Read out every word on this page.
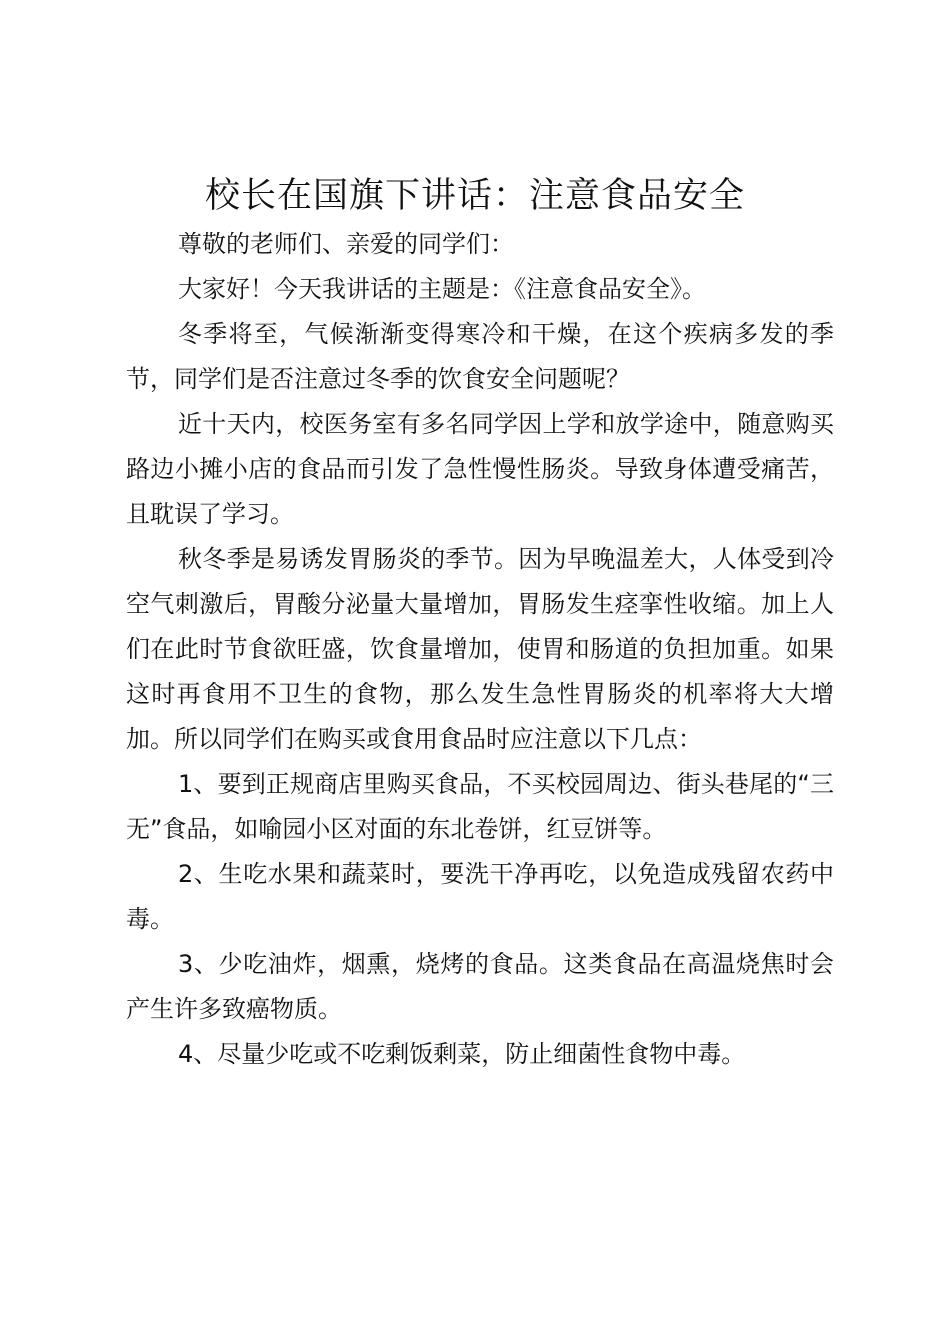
校长在国旗下讲话：注意食品安全

尊敬的老师们、亲爱的同学们：

大家好！今天我讲话的主题是：《注意食品安全》。

冬季将至，气候渐渐变得寒冷和干燥，在这个疾病多发的季节，同学们是否注意过冬季的饮食安全问题呢？

近十天内，校医务室有多名同学因上学和放学途中，随意购买路边小摊小店的食品而引发了急性慢性肠炎。导致身体遭受痛苦，且耽误了学习。

秋冬季是易诱发胃肠炎的季节。因为早晚温差大，人体受到冷空气刺激后，胃酸分泌量大量增加，胃肠发生痉挛性收缩。加上人们在此时节食欲旺盛，饮食量增加，使胃和肠道的负担加重。如果这时再食用不卫生的食物，那么发生急性胃肠炎的机率将大大增加。所以同学们在购买或食用食品时应注意以下几点：

1、要到正规商店里购买食品，不买校园周边、街头巷尾的“三无”食品，如喻园小区对面的东北卷饼，红豆饼等。

2、生吃水果和蔬菜时，要洗干净再吃，以免造成残留农药中毒。

3、少吃油炸，烟熏，烧烤的食品。这类食品在高温烧焦时会产生许多致癌物质。

4、尽量少吃或不吃剩饭剩菜，防止细菌性食物中毒。
